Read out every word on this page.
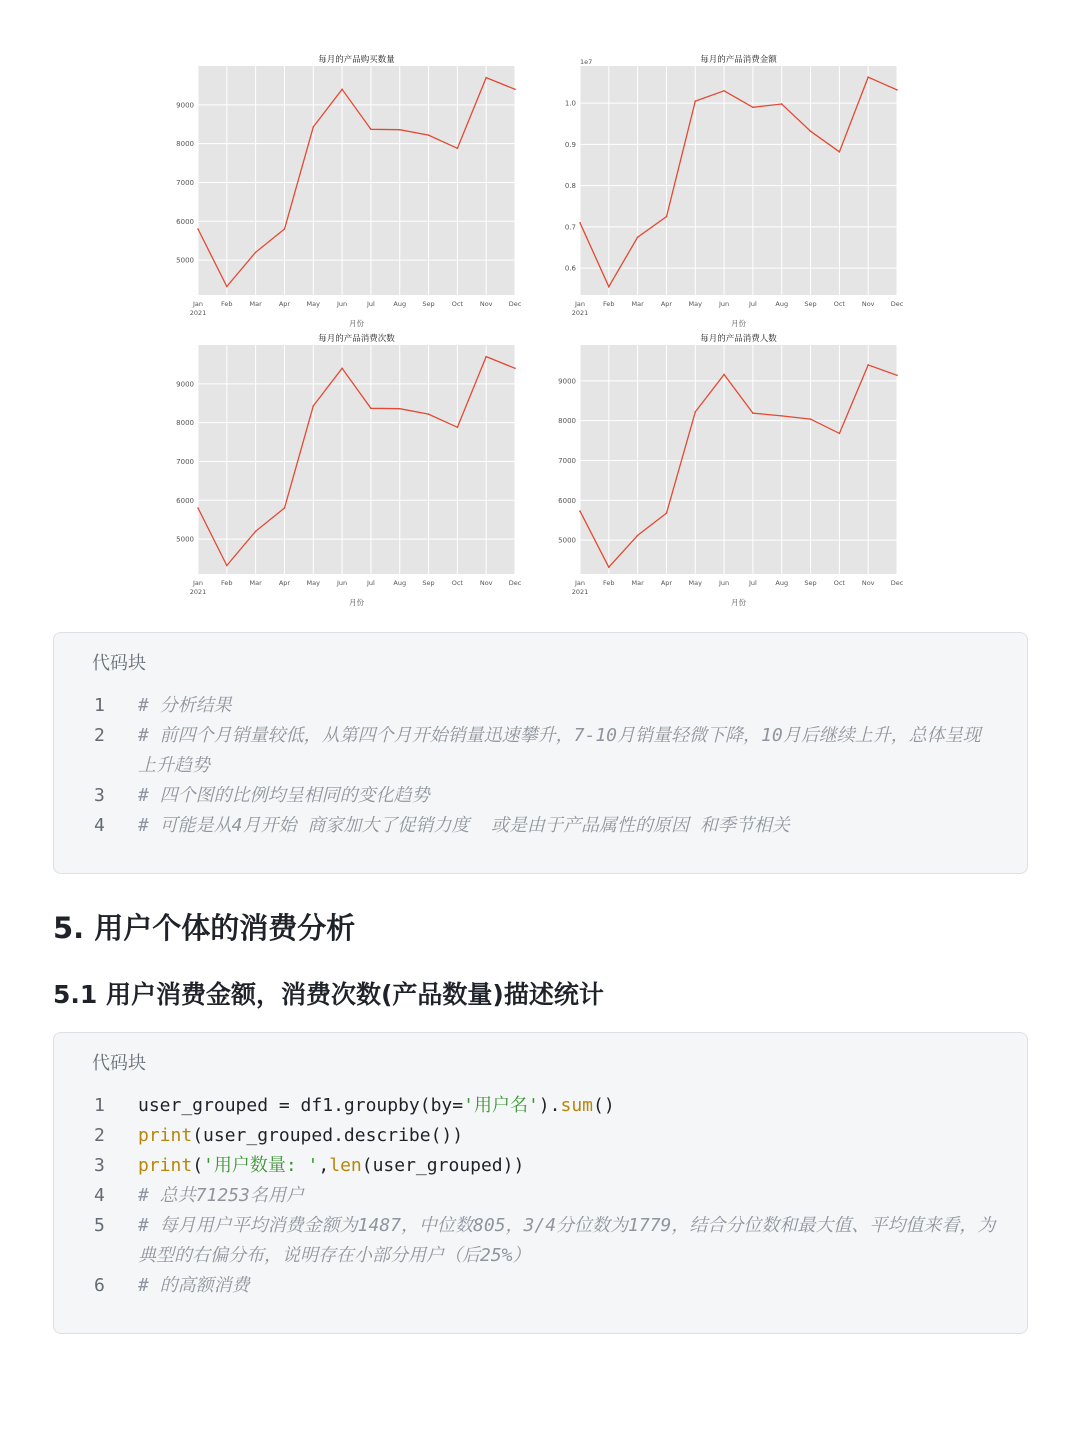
5000
6000
7000
8000
9000
Jan	Feb	Mar	Apr	May	Jun	Jul	Aug	Sep	Oct	Nov Dec
2021
每月的产品购买数量
月份
0.6
0.7
0.8
0.9
1.0
Jan	Feb	Mar	Apr	May	Jun	Jul	Aug	Sep	Oct	Nov Dec
2021
每月的产品消费金额
月份
1e7
5000
6000
7000
8000
9000
Jan	Feb	Mar	Apr	May	Jun	Jul	Aug	Sep	Oct	Nov Dec
2021
每月的产品消费次数
月份
5000
6000
7000
8000
9000
Jan	Feb	Mar	Apr	May	Jun	Jul	Aug	Sep	Oct	Nov Dec
2021
每月的产品消费人数
月份
代码块
1	# 分析结果
2	# 前四个月销量较低，从第四个月开始销量迅速攀升，7-10月销量轻微下降，10月后继续上升，总体呈现上升趋势
3	# 四个图的比例均呈相同的变化趋势
4	# 可能是从4月开始 商家加大了促销力度  或是由于产品属性的原因 和季节相关
5. 用户个体的消费分析
5.1 用户消费金额，消费次数(产品数量)描述统计
代码块
1	user_grouped = df1.groupby(by='用户名').sum()
2	print(user_grouped.describe())
3	print('用户数量: ',len(user_grouped))
4	# 总共71253名用户
5	# 每月用户平均消费金额为1487，中位数805，3/4分位数为1779，结合分位数和最大值、平均值来看，为典型的右偏分布，说明存在小部分用户（后25%）
6	# 的高额消费
